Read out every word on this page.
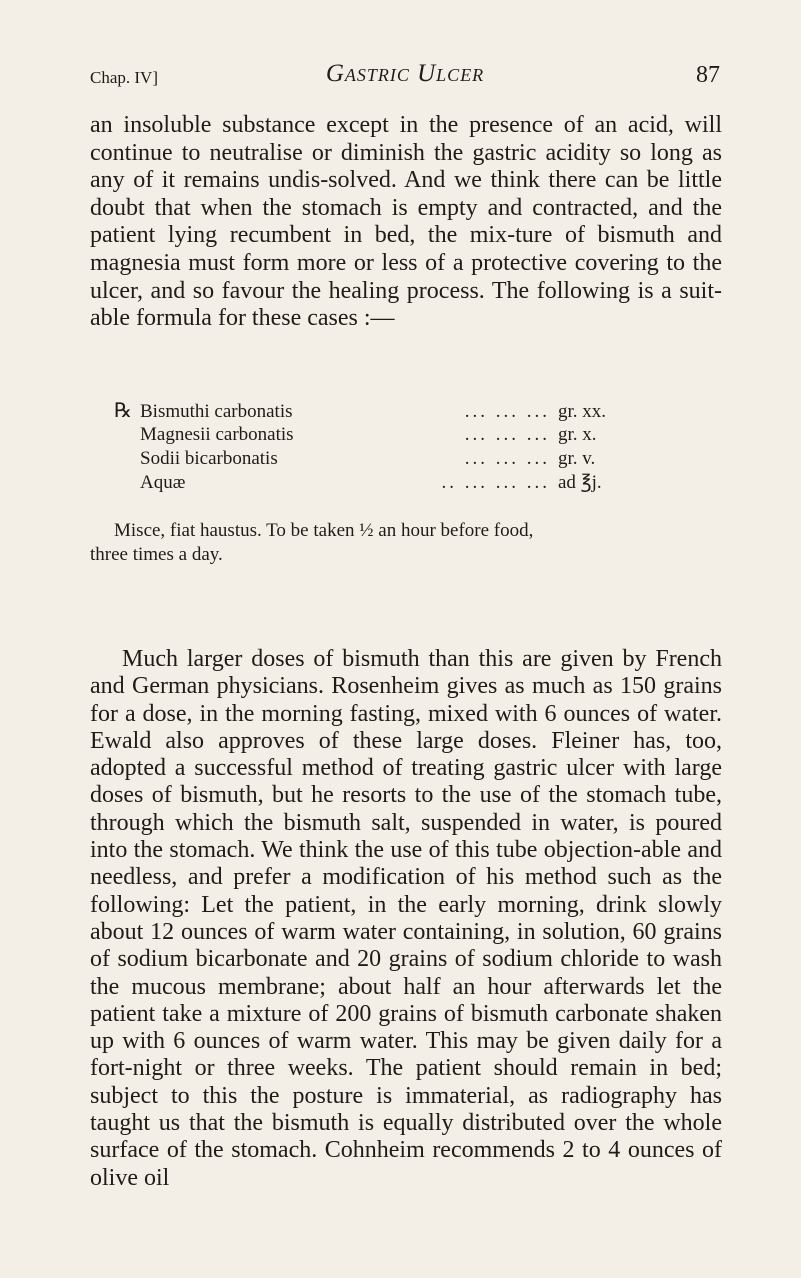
Chap. IV]	Gastric Ulcer	87

an insoluble substance except in the presence of an acid, will continue to neutralise or diminish the gastric acidity so long as any of it remains undis-solved. And we think there can be little doubt that when the stomach is empty and contracted, and the patient lying recumbent in bed, the mix-ture of bismuth and magnesia must form more or less of a protective covering to the ulcer, and so favour the healing process. The following is a suit-able formula for these cases :—

℞ Bismuthi carbonatis	... ... ... gr. xx.
Magnesii carbonatis	... ... ... gr. x.
Sodii bicarbonatis	... ... ... gr. v.
Aquæ	.. ... ... ... ad ℥j.
Misce, fiat haustus. To be taken ½ an hour before food,
three times a day.

Much larger doses of bismuth than this are given by French and German physicians. Rosenheim gives as much as 150 grains for a dose, in the morning fasting, mixed with 6 ounces of water. Ewald also approves of these large doses. Fleiner has, too, adopted a successful method of treating gastric ulcer with large doses of bismuth, but he resorts to the use of the stomach tube, through which the bismuth salt, suspended in water, is poured into the stomach. We think the use of this tube objection-able and needless, and prefer a modification of his method such as the following: Let the patient, in the early morning, drink slowly about 12 ounces of warm water containing, in solution, 60 grains of sodium bicarbonate and 20 grains of sodium chloride to wash the mucous membrane; about half an hour afterwards let the patient take a mixture of 200 grains of bismuth carbonate shaken up with 6 ounces of warm water. This may be given daily for a fort-night or three weeks. The patient should remain in bed; subject to this the posture is immaterial, as radiography has taught us that the bismuth is equally distributed over the whole surface of the stomach. Cohnheim recommends 2 to 4 ounces of olive oil
